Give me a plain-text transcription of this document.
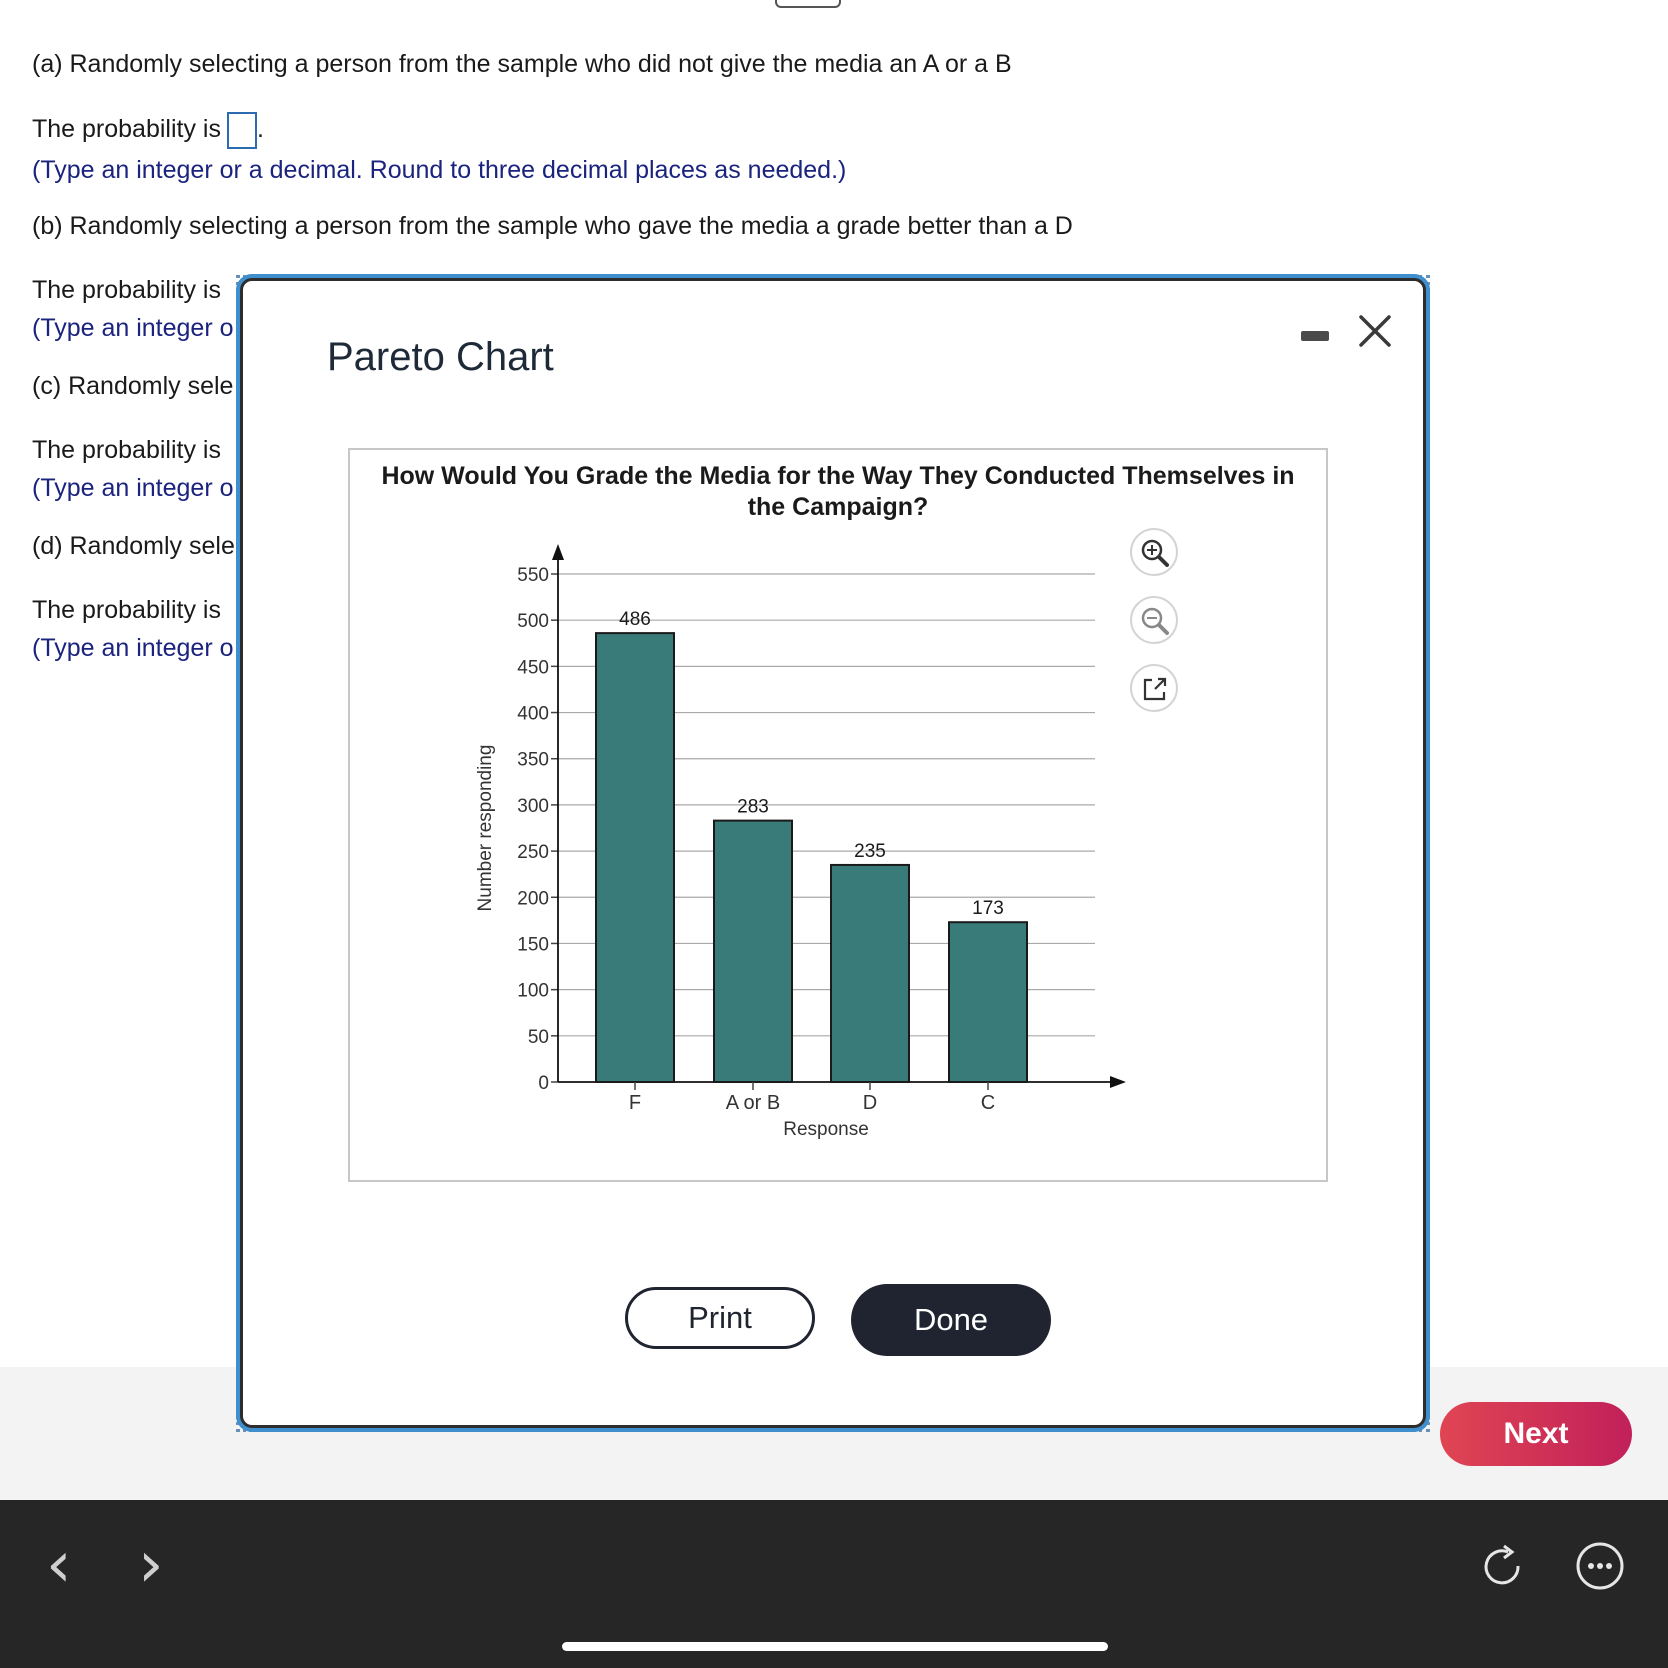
(a) Randomly selecting a person from the sample who did not give the media an A or a B
The probability is .
(Type an integer or a decimal. Round to three decimal places as needed.)
(b) Randomly selecting a person from the sample who gave the media a grade better than a D
The probability is
(Type an integer o
(c) Randomly sele
The probability is
(Type an integer o
(d) Randomly sele
The probability is
(Type an integer o
Next
‹ ›
Pareto Chart
How Would You Grade the Media for the Way They Conducted Themselves in
the Campaign?
0
50
100
150
200
250
300
350
400
450
500
550
486
F
283
A or B
235
D
173
C
Response
Number responding
Print	Done
